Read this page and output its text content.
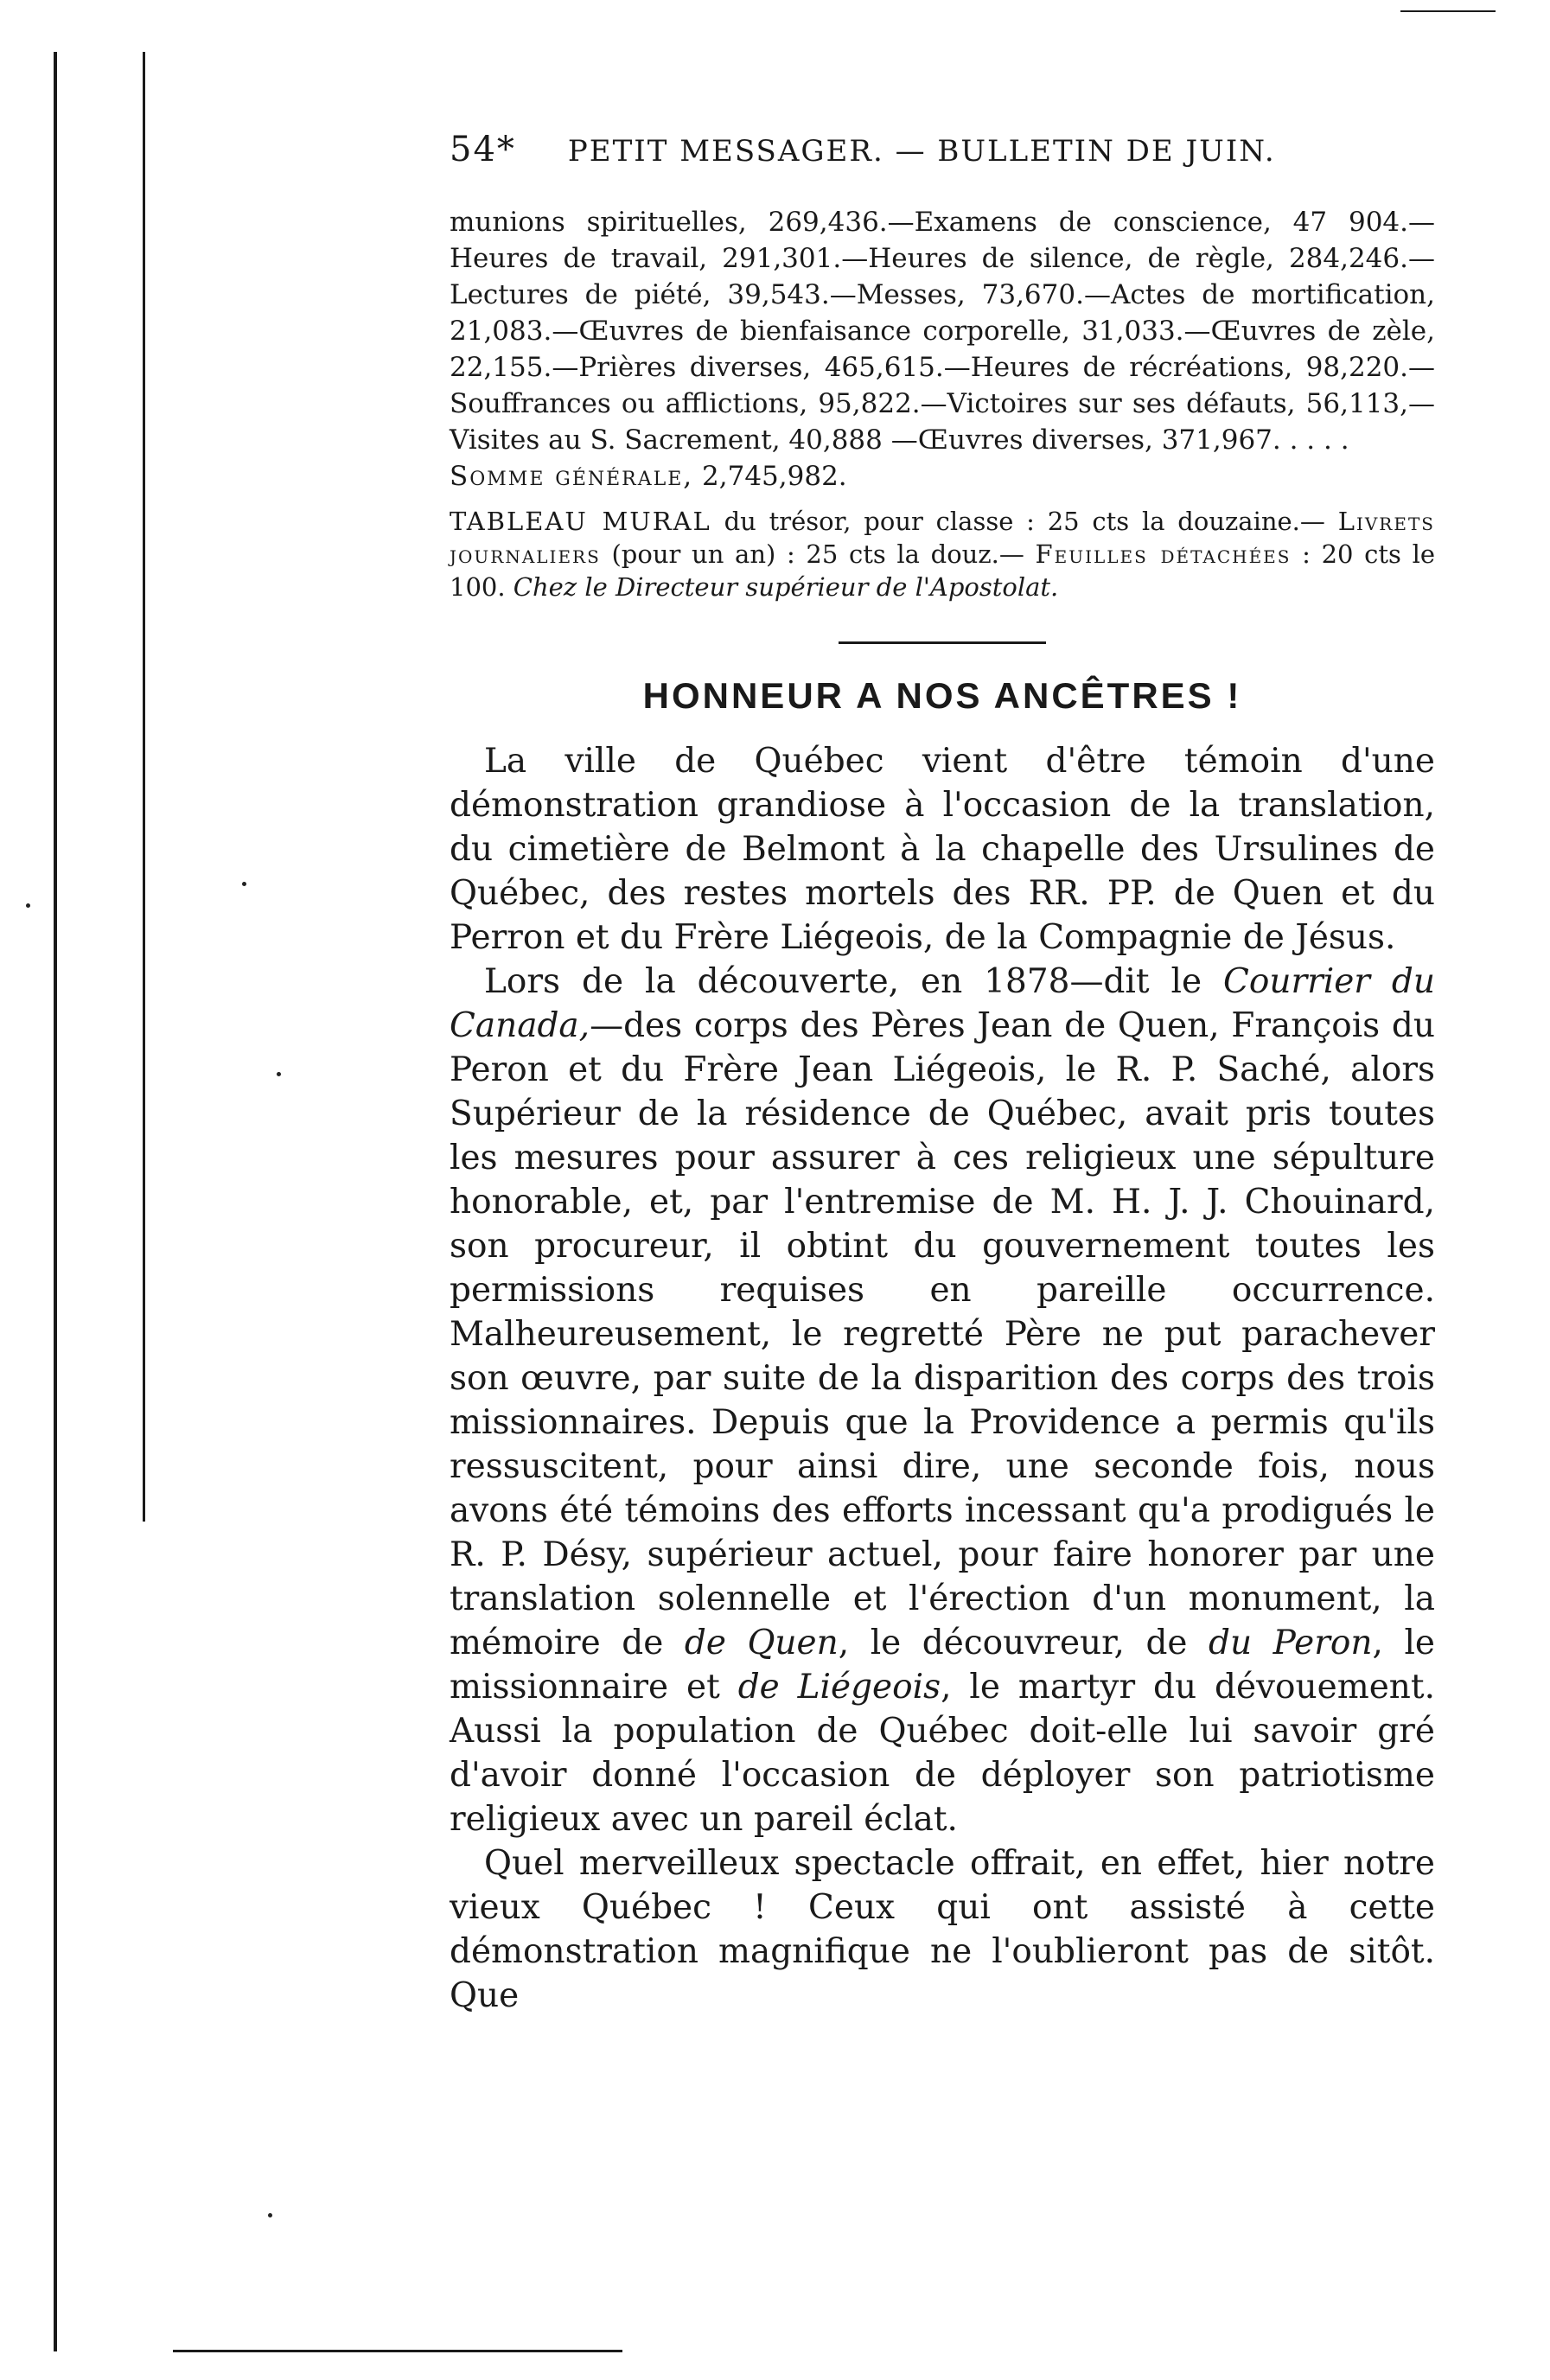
54* PETIT MESSAGER. — BULLETIN DE JUIN.

munions spirituelles, 269,436.—Examens de conscience, 47 904.—Heures de travail, 291,301.—Heures de silence, de règle, 284,246.—Lectures de piété, 39,543.—Messes, 73,670.—Actes de mortification, 21,083.—Œuvres de bienfaisance corporelle, 31,033.—Œuvres de zèle, 22,155.—Prières diverses, 465,615.—Heures de récréations, 98,220.—Souffrances ou afflictions, 95,822.—Victoires sur ses défauts, 56,113,—Visites au S. Sacrement, 40,888 —Œuvres diverses, 371,967. . . . .

Somme générale, 2,745,982.

TABLEAU MURAL du trésor, pour classe : 25 cts la douzaine.— Livrets journaliers (pour un an) : 25 cts la douz.— Feuilles détachées : 20 cts le 100. Chez le Directeur supérieur de l'Apostolat.

HONNEUR A NOS ANCÊTRES !

La ville de Québec vient d'être témoin d'une démonstration grandiose à l'occasion de la translation, du cimetière de Belmont à la chapelle des Ursulines de Québec, des restes mortels des RR. PP. de Quen et du Perron et du Frère Liégeois, de la Compagnie de Jésus.

Lors de la découverte, en 1878—dit le Courrier du Canada,—des corps des Pères Jean de Quen, François du Peron et du Frère Jean Liégeois, le R. P. Saché, alors Supérieur de la résidence de Québec, avait pris toutes les mesures pour assurer à ces religieux une sépulture honorable, et, par l'entremise de M. H. J. J. Chouinard, son procureur, il obtint du gouvernement toutes les permissions requises en pareille occurrence. Malheureusement, le regretté Père ne put parachever son œuvre, par suite de la disparition des corps des trois missionnaires. Depuis que la Providence a permis qu'ils ressuscitent, pour ainsi dire, une seconde fois, nous avons été témoins des efforts incessant qu'a prodigués le R. P. Désy, supérieur actuel, pour faire honorer par une translation solennelle et l'érection d'un monument, la mémoire de de Quen, le découvreur, de du Peron, le missionnaire et de Liégeois, le martyr du dévouement. Aussi la population de Québec doit-elle lui savoir gré d'avoir donné l'occasion de déployer son patriotisme religieux avec un pareil éclat.

Quel merveilleux spectacle offrait, en effet, hier notre vieux Québec ! Ceux qui ont assisté à cette démonstration magnifique ne l'oublieront pas de sitôt. Que
